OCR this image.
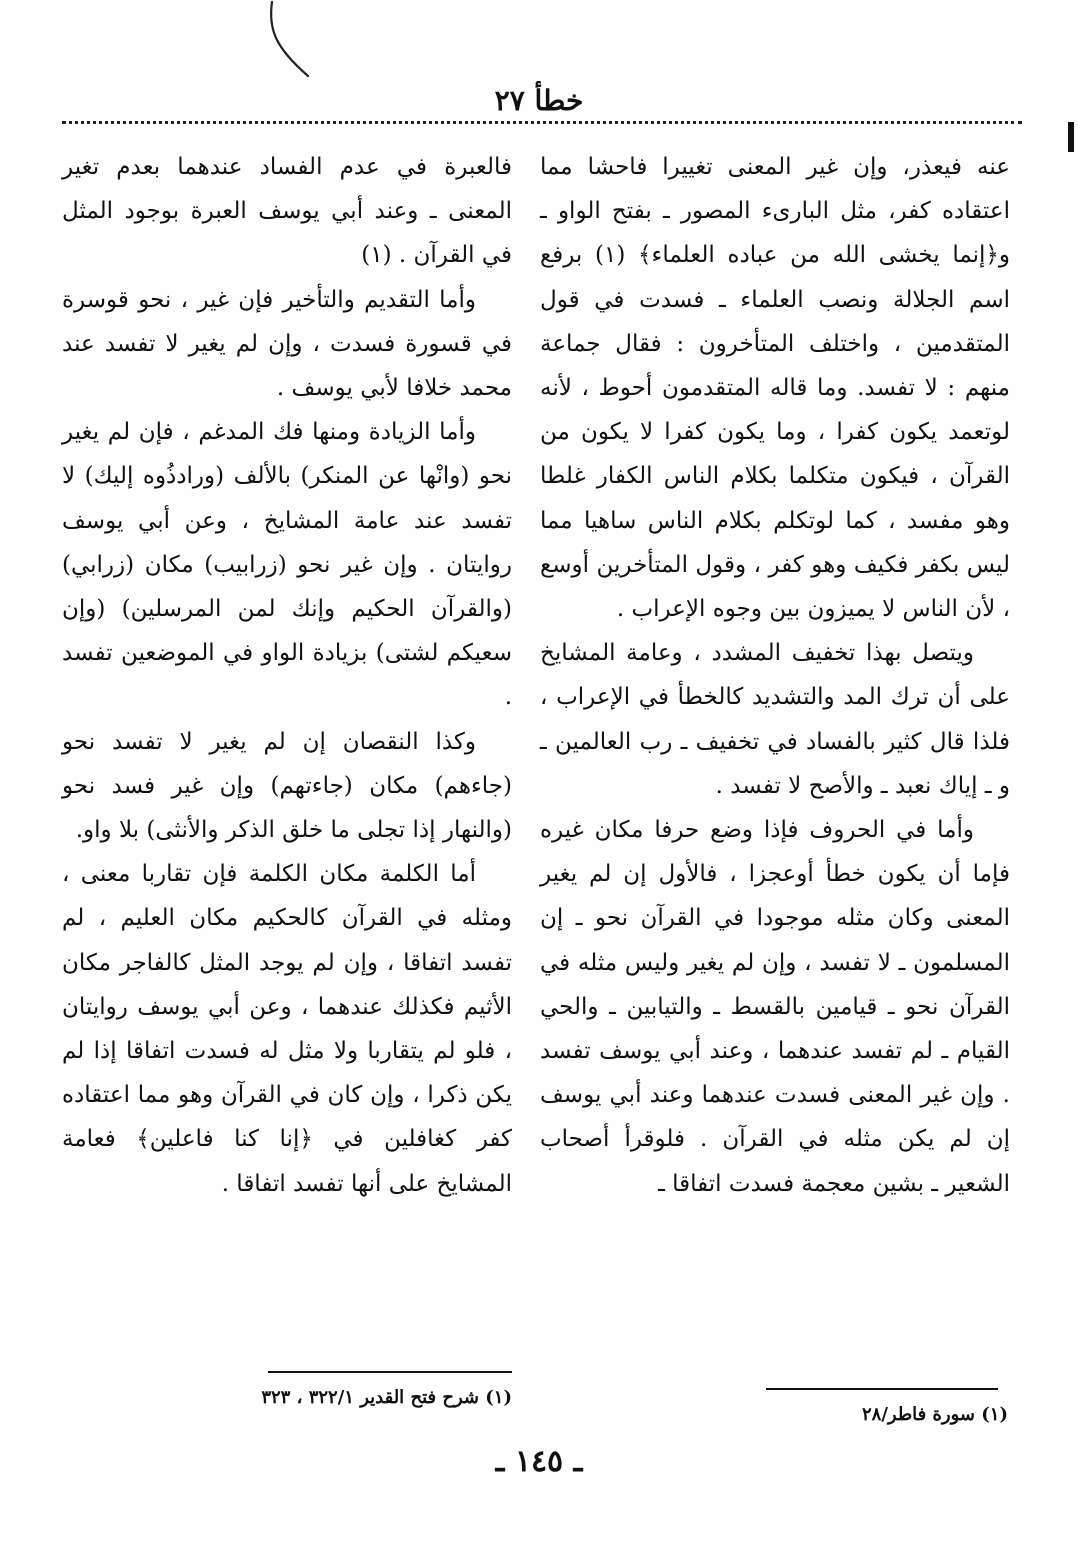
خطأ ٢٧

عنه فيعذر، وإن غير المعنى تغييرا فاحشا مما اعتقاده كفر، مثل البارىء المصور ـ بفتح الواو ـ و﴿إنما يخشى الله من عباده العلماء﴾ (١) برفع اسم الجلالة ونصب العلماء ـ فسدت في قول المتقدمين ، واختلف المتأخرون : فقال جماعة منهم : لا تفسد. وما قاله المتقدمون أحوط ، لأنه لوتعمد يكون كفرا ، وما يكون كفرا لا يكون من القرآن ، فيكون متكلما بكلام الناس الكفار غلطا وهو مفسد ، كما لوتكلم بكلام الناس ساهيا مما ليس بكفر فكيف وهو كفر ، وقول المتأخرين أوسع ، لأن الناس لا يميزون بين وجوه الإعراب .

ويتصل بهذا تخفيف المشدد ، وعامة المشايخ على أن ترك المد والتشديد كالخطأ في الإعراب ، فلذا قال كثير بالفساد في تخفيف ـ رب العالمين ـ و ـ إياك نعبد ـ والأصح لا تفسد .

وأما في الحروف فإذا وضع حرفا مكان غيره فإما أن يكون خطأ أوعجزا ، فالأول إن لم يغير المعنى وكان مثله موجودا في القرآن نحو ـ إن المسلمون ـ لا تفسد ، وإن لم يغير وليس مثله في القرآن نحو ـ قيامين بالقسط ـ والتيابين ـ والحي القيام ـ لم تفسد عندهما ، وعند أبي يوسف تفسد . وإن غير المعنى فسدت عندهما وعند أبي يوسف إن لم يكن مثله في القرآن . فلوقرأ أصحاب الشعير ـ بشين معجمة فسدت اتفاقا ـ

فالعبرة في عدم الفساد عندهما بعدم تغير المعنى ـ وعند أبي يوسف العبرة بوجود المثل في القرآن . (١)

وأما التقديم والتأخير فإن غير ، نحو قوسرة في قسورة فسدت ، وإن لم يغير لا تفسد عند محمد خلافا لأبي يوسف .

وأما الزيادة ومنها فك المدغم ، فإن لم يغير نحو (وانْها عن المنكر) بالألف (ورادذُوه إليك) لا تفسد عند عامة المشايخ ، وعن أبي يوسف روايتان . وإن غير نحو (زرابيب) مكان (زرابي) (والقرآن الحكيم وإنك لمن المرسلين) (وإن سعيكم لشتى) بزيادة الواو في الموضعين تفسد .

وكذا النقصان إن لم يغير لا تفسد نحو (جاءهم) مكان (جاءتهم) وإن غير فسد نحو (والنهار إذا تجلى ما خلق الذكر والأنثى) بلا واو.

أما الكلمة مكان الكلمة فإن تقاربا معنى ، ومثله في القرآن كالحكيم مكان العليم ، لم تفسد اتفاقا ، وإن لم يوجد المثل كالفاجر مكان الأثيم فكذلك عندهما ، وعن أبي يوسف روايتان ، فلو لم يتقاربا ولا مثل له فسدت اتفاقا إذا لم يكن ذكرا ، وإن كان في القرآن وهو مما اعتقاده كفر كغافلين في ﴿إنا كنا فاعلين﴾ فعامة المشايخ على أنها تفسد اتفاقا .

(١) سورة فاطر/٢٨
(١) شرح فتح القدير ٣٢٢/١ ، ٣٢٣
ـ ١٤٥ ـ
